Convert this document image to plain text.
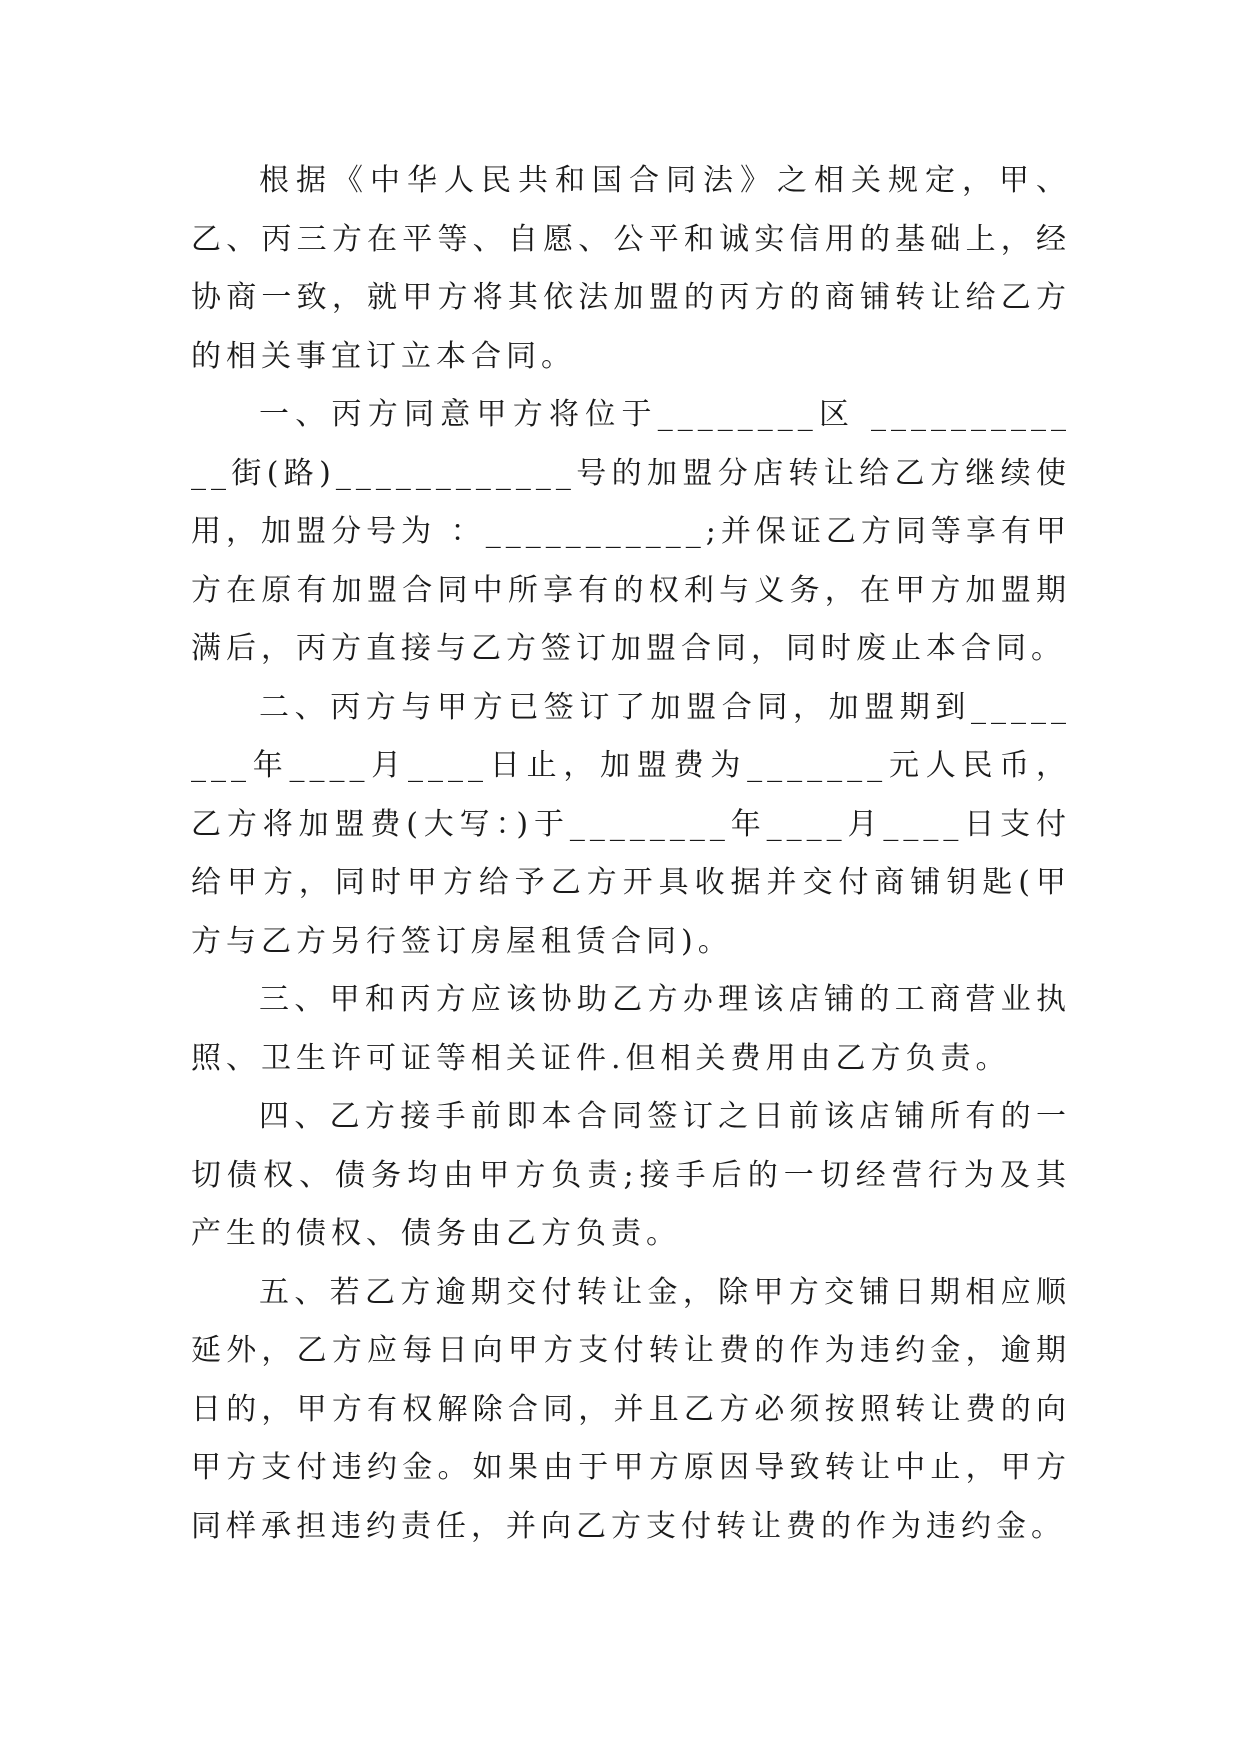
根据《中华人民共和国合同法》之相关规定，甲、乙、丙三方在平等、自愿、公平和诚实信用的基础上，经协商一致，就甲方将其依法加盟的丙方的商铺转让给乙方的相关事宜订立本合同。

一、丙方同意甲方将位于________区 ____________街(路)____________号的加盟分店转让给乙方继续使用，加盟分号为 ：___________;并保证乙方同等享有甲方在原有加盟合同中所享有的权利与义务，在甲方加盟期满后，丙方直接与乙方签订加盟合同，同时废止本合同。

二、丙方与甲方已签订了加盟合同，加盟期到________年____月____日止，加盟费为_______元人民币，乙方将加盟费(大写：)于________年____月____日支付给甲方，同时甲方给予乙方开具收据并交付商铺钥匙(甲方与乙方另行签订房屋租赁合同)。

三、甲和丙方应该协助乙方办理该店铺的工商营业执照、卫生许可证等相关证件.但相关费用由乙方负责。

四、乙方接手前即本合同签订之日前该店铺所有的一切债权、债务均由甲方负责;接手后的一切经营行为及其产生的债权、债务由乙方负责。

五、若乙方逾期交付转让金，除甲方交铺日期相应顺延外，乙方应每日向甲方支付转让费的作为违约金，逾期日的，甲方有权解除合同，并且乙方必须按照转让费的向甲方支付违约金。如果由于甲方原因导致转让中止，甲方同样承担违约责任，并向乙方支付转让费的作为违约金。
